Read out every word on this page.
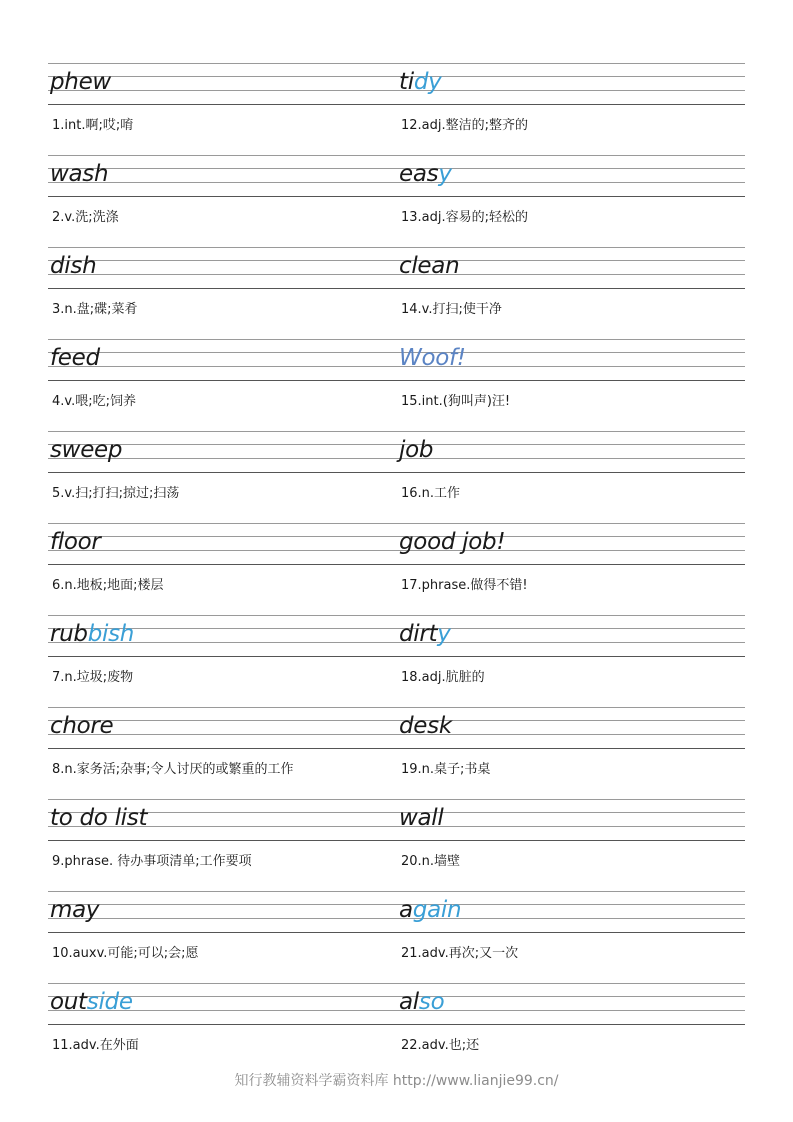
phew
1.int.啊;哎;唷
tidy
12.adj.整洁的;整齐的
wash
2.v.洗;洗涤
easy
13.adj.容易的;轻松的
dish
3.n.盘;碟;菜肴
clean
14.v.打扫;使干净
feed
4.v.喂;吃;饲养
Woof!
15.int.(狗叫声)汪!
sweep
5.v.扫;打扫;掠过;扫荡
job
16.n.工作
floor
6.n.地板;地面;楼层
good job!
17.phrase.做得不错!
rubbish
7.n.垃圾;废物
dirty
18.adj.肮脏的
chore
8.n.家务活;杂事;令人讨厌的或繁重的工作
desk
19.n.桌子;书桌
to do list
9.phrase. 待办事项清单;工作要项
wall
20.n.墙壁
may
10.auxv.可能;可以;会;愿
again
21.adv.再次;又一次
outside
11.adv.在外面
also
22.adv.也;还
知行教辅资料学霸资料库 http://www.lianjie99.cn/
